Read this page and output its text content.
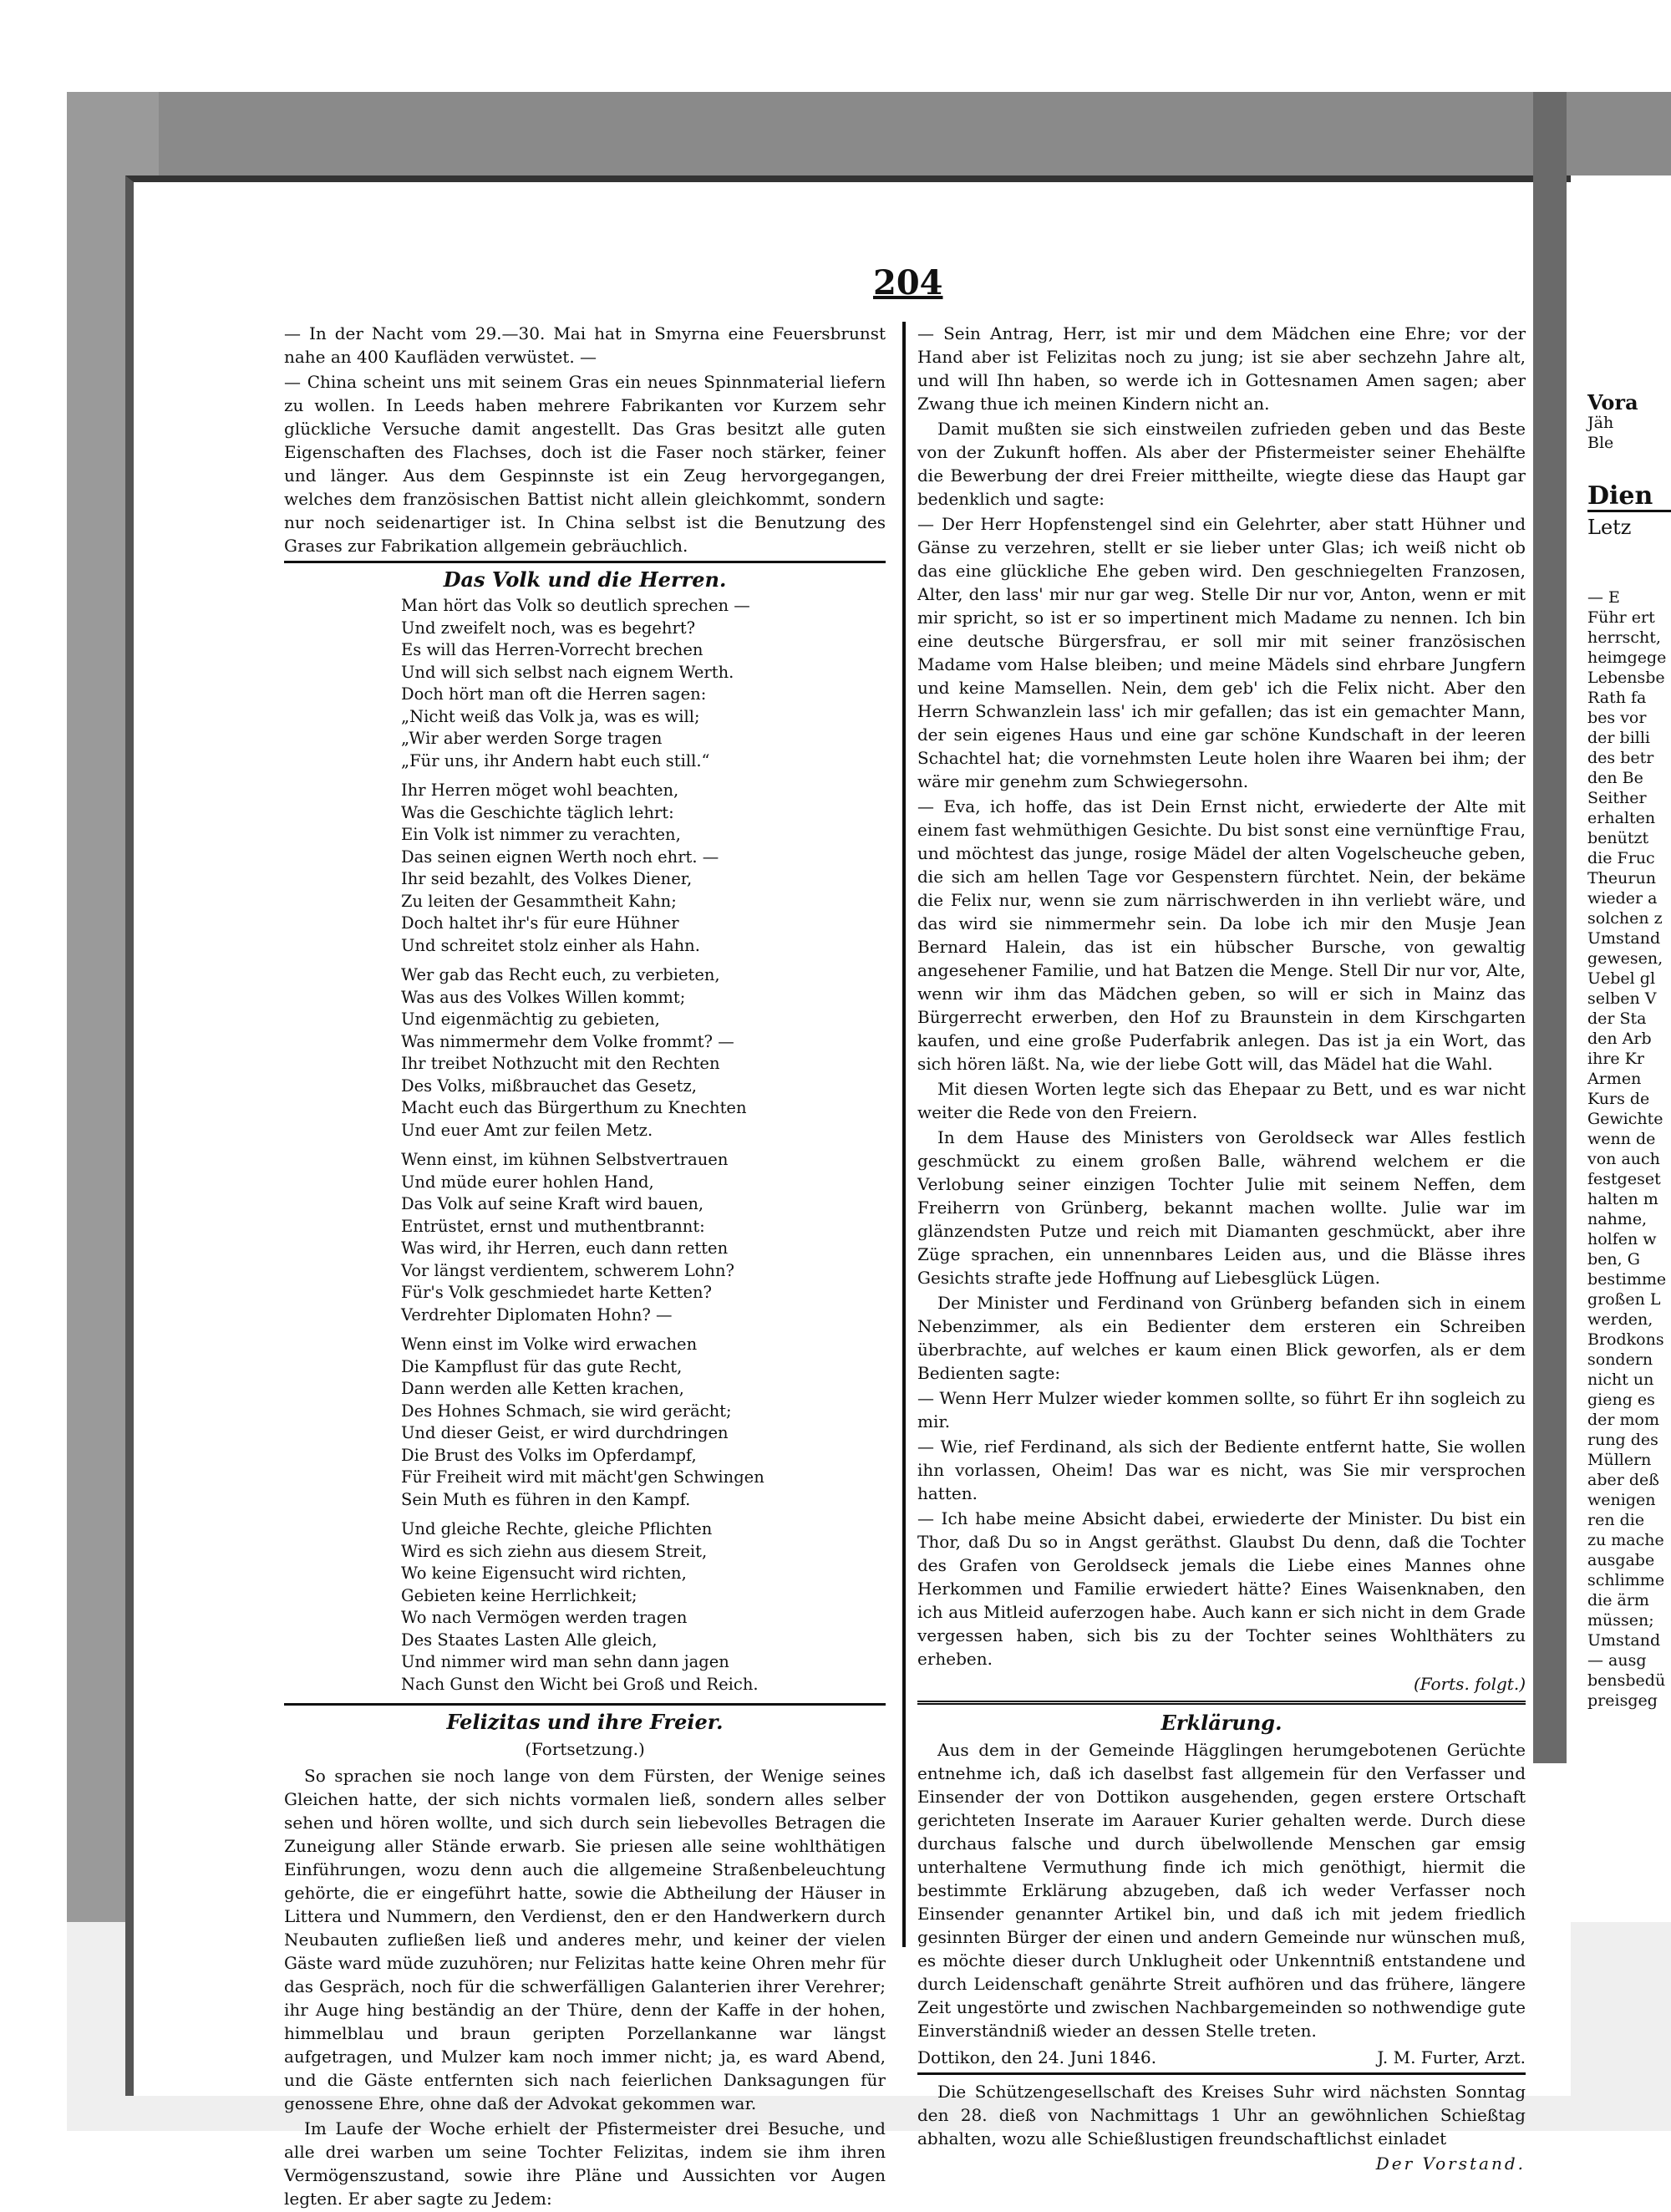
204

— In der Nacht vom 29.—30. Mai hat in Smyrna eine Feuersbrunst nahe an 400 Kaufläden verwüstet. —

— China scheint uns mit seinem Gras ein neues Spinnmaterial liefern zu wollen. In Leeds haben mehrere Fabrikanten vor Kurzem sehr glückliche Versuche damit angestellt. Das Gras besitzt alle guten Eigenschaften des Flachses, doch ist die Faser noch stärker, feiner und länger. Aus dem Gespinnste ist ein Zeug hervorgegangen, welches dem französischen Battist nicht allein gleichkommt, sondern nur noch seidenartiger ist. In China selbst ist die Benutzung des Grases zur Fabrikation allgemein gebräuchlich.

Das Volk und die Herren.
Man hört das Volk so deutlich sprechen —
Und zweifelt noch, was es begehrt?
Es will das Herren-Vorrecht brechen
Und will sich selbst nach eignem Werth.
Doch hört man oft die Herren sagen:
„Nicht weiß das Volk ja, was es will;
„Wir aber werden Sorge tragen
„Für uns, ihr Andern habt euch still.“
Ihr Herren möget wohl beachten,
Was die Geschichte täglich lehrt:
Ein Volk ist nimmer zu verachten,
Das seinen eignen Werth noch ehrt. —
Ihr seid bezahlt, des Volkes Diener,
Zu leiten der Gesammtheit Kahn;
Doch haltet ihr's für eure Hühner
Und schreitet stolz einher als Hahn.
Wer gab das Recht euch, zu verbieten,
Was aus des Volkes Willen kommt;
Und eigenmächtig zu gebieten,
Was nimmermehr dem Volke frommt? —
Ihr treibet Nothzucht mit den Rechten
Des Volks, mißbrauchet das Gesetz,
Macht euch das Bürgerthum zu Knechten
Und euer Amt zur feilen Metz.
Wenn einst, im kühnen Selbstvertrauen
Und müde eurer hohlen Hand,
Das Volk auf seine Kraft wird bauen,
Entrüstet, ernst und muthentbrannt:
Was wird, ihr Herren, euch dann retten
Vor längst verdientem, schwerem Lohn?
Für's Volk geschmiedet harte Ketten?
Verdrehter Diplomaten Hohn? —
Wenn einst im Volke wird erwachen
Die Kampflust für das gute Recht,
Dann werden alle Ketten krachen,
Des Hohnes Schmach, sie wird gerächt;
Und dieser Geist, er wird durchdringen
Die Brust des Volks im Opferdampf,
Für Freiheit wird mit mächt'gen Schwingen
Sein Muth es führen in den Kampf.
Und gleiche Rechte, gleiche Pflichten
Wird es sich ziehn aus diesem Streit,
Wo keine Eigensucht wird richten,
Gebieten keine Herrlichkeit;
Wo nach Vermögen werden tragen
Des Staates Lasten Alle gleich,
Und nimmer wird man sehn dann jagen
Nach Gunst den Wicht bei Groß und Reich.
Felizitas und ihre Freier.
(Fortsetzung.)

So sprachen sie noch lange von dem Fürsten, der Wenige seines Gleichen hatte, der sich nichts vormalen ließ, sondern alles selber sehen und hören wollte, und sich durch sein liebevolles Betragen die Zuneigung aller Stände erwarb. Sie priesen alle seine wohlthätigen Einführungen, wozu denn auch die allgemeine Straßenbeleuchtung gehörte, die er eingeführt hatte, sowie die Abtheilung der Häuser in Littera und Nummern, den Verdienst, den er den Handwerkern durch Neubauten zufließen ließ und anderes mehr, und keiner der vielen Gäste ward müde zuzuhören; nur Felizitas hatte keine Ohren mehr für das Gespräch, noch für die schwerfälligen Galanterien ihrer Verehrer; ihr Auge hing beständig an der Thüre, denn der Kaffe in der hohen, himmelblau und braun geripten Porzellankanne war längst aufgetragen, und Mulzer kam noch immer nicht; ja, es ward Abend, und die Gäste entfernten sich nach feierlichen Danksagungen für genossene Ehre, ohne daß der Advokat gekommen war.

Im Laufe der Woche erhielt der Pfistermeister drei Besuche, und alle drei warben um seine Tochter Felizitas, indem sie ihm ihren Vermögenszustand, sowie ihre Pläne und Aussichten vor Augen legten. Er aber sagte zu Jedem:

— Sein Antrag, Herr, ist mir und dem Mädchen eine Ehre; vor der Hand aber ist Felizitas noch zu jung; ist sie aber sechzehn Jahre alt, und will Ihn haben, so werde ich in Gottesnamen Amen sagen; aber Zwang thue ich meinen Kindern nicht an.

Damit mußten sie sich einstweilen zufrieden geben und das Beste von der Zukunft hoffen. Als aber der Pfistermeister seiner Ehehälfte die Bewerbung der drei Freier mittheilte, wiegte diese das Haupt gar bedenklich und sagte:

— Der Herr Hopfenstengel sind ein Gelehrter, aber statt Hühner und Gänse zu verzehren, stellt er sie lieber unter Glas; ich weiß nicht ob das eine glückliche Ehe geben wird. Den geschniegelten Franzosen, Alter, den lass' mir nur gar weg. Stelle Dir nur vor, Anton, wenn er mit mir spricht, so ist er so impertinent mich Madame zu nennen. Ich bin eine deutsche Bürgersfrau, er soll mir mit seiner französischen Madame vom Halse bleiben; und meine Mädels sind ehrbare Jungfern und keine Mamsellen. Nein, dem geb' ich die Felix nicht. Aber den Herrn Schwanzlein lass' ich mir gefallen; das ist ein gemachter Mann, der sein eigenes Haus und eine gar schöne Kundschaft in der leeren Schachtel hat; die vornehmsten Leute holen ihre Waaren bei ihm; der wäre mir genehm zum Schwiegersohn.

— Eva, ich hoffe, das ist Dein Ernst nicht, erwiederte der Alte mit einem fast wehmüthigen Gesichte. Du bist sonst eine vernünftige Frau, und möchtest das junge, rosige Mädel der alten Vogelscheuche geben, die sich am hellen Tage vor Gespenstern fürchtet. Nein, der bekäme die Felix nur, wenn sie zum närrischwerden in ihn verliebt wäre, und das wird sie nimmermehr sein. Da lobe ich mir den Musje Jean Bernard Halein, das ist ein hübscher Bursche, von gewaltig angesehener Familie, und hat Batzen die Menge. Stell Dir nur vor, Alte, wenn wir ihm das Mädchen geben, so will er sich in Mainz das Bürgerrecht erwerben, den Hof zu Braunstein in dem Kirschgarten kaufen, und eine große Puderfabrik anlegen. Das ist ja ein Wort, das sich hören läßt. Na, wie der liebe Gott will, das Mädel hat die Wahl.

Mit diesen Worten legte sich das Ehepaar zu Bett, und es war nicht weiter die Rede von den Freiern.

In dem Hause des Ministers von Geroldseck war Alles festlich geschmückt zu einem großen Balle, während welchem er die Verlobung seiner einzigen Tochter Julie mit seinem Neffen, dem Freiherrn von Grünberg, bekannt machen wollte. Julie war im glänzendsten Putze und reich mit Diamanten geschmückt, aber ihre Züge sprachen, ein unnennbares Leiden aus, und die Blässe ihres Gesichts strafte jede Hoffnung auf Liebesglück Lügen.

Der Minister und Ferdinand von Grünberg befanden sich in einem Nebenzimmer, als ein Bedienter dem ersteren ein Schreiben überbrachte, auf welches er kaum einen Blick geworfen, als er dem Bedienten sagte:

— Wenn Herr Mulzer wieder kommen sollte, so führt Er ihn sogleich zu mir.

— Wie, rief Ferdinand, als sich der Bediente entfernt hatte, Sie wollen ihn vorlassen, Oheim! Das war es nicht, was Sie mir versprochen hatten.

— Ich habe meine Absicht dabei, erwiederte der Minister. Du bist ein Thor, daß Du so in Angst geräthst. Glaubst Du denn, daß die Tochter des Grafen von Geroldseck jemals die Liebe eines Mannes ohne Herkommen und Familie erwiedert hätte? Eines Waisenknaben, den ich aus Mitleid auferzogen habe. Auch kann er sich nicht in dem Grade vergessen haben, sich bis zu der Tochter seines Wohlthäters zu erheben.

(Forts. folgt.)
Erklärung.

Aus dem in der Gemeinde Hägglingen herumgebotenen Gerüchte entnehme ich, daß ich daselbst fast allgemein für den Verfasser und Einsender der von Dottikon ausgehenden, gegen erstere Ortschaft gerichteten Inserate im Aarauer Kurier gehalten werde. Durch diese durchaus falsche und durch übelwollende Menschen gar emsig unterhaltene Vermuthung finde ich mich genöthigt, hiermit die bestimmte Erklärung abzugeben, daß ich weder Verfasser noch Einsender genannter Artikel bin, und daß ich mit jedem friedlich gesinnten Bürger der einen und andern Gemeinde nur wünschen muß, es möchte dieser durch Unklugheit oder Unkenntniß entstandene und durch Leidenschaft genährte Streit aufhören und das frühere, längere Zeit ungestörte und zwischen Nachbargemeinden so nothwendige gute Einverständniß wieder an dessen Stelle treten.

Dottikon, den 24. Juni 1846.	J. M. Furter, Arzt.

Die Schützengesellschaft des Kreises Suhr wird nächsten Sonntag den 28. dieß von Nachmittags 1 Uhr an gewöhnlichen Schießtag abhalten, wozu alle Schießlustigen freundschaftlichst einladet

Der Vorstand.
Vora
Jäh
Ble
Dien
Letz
— E
Führ ert
herrscht,
heimgege
Lebensbe
Rath fa
bes vor
der billi
des betr
den Be
Seither
erhalten
benützt
die Fruc
Theurun
wieder a
solchen z
Umstand
gewesen,
Uebel gl
selben V
der Sta
den Arb
ihre Kr
Armen
Kurs de
Gewichte
wenn de
von auch
festgeset
halten m
nahme,
holfen w
ben, G
bestimme
großen L
werden,
Brodkons
sondern
nicht un
gieng es
der mom
rung des
Müllern
aber deß
wenigen
ren die
zu mache
ausgabe
schlimme
die ärm
müssen;
Umstand
— ausg
bensbedü
preisgeg
